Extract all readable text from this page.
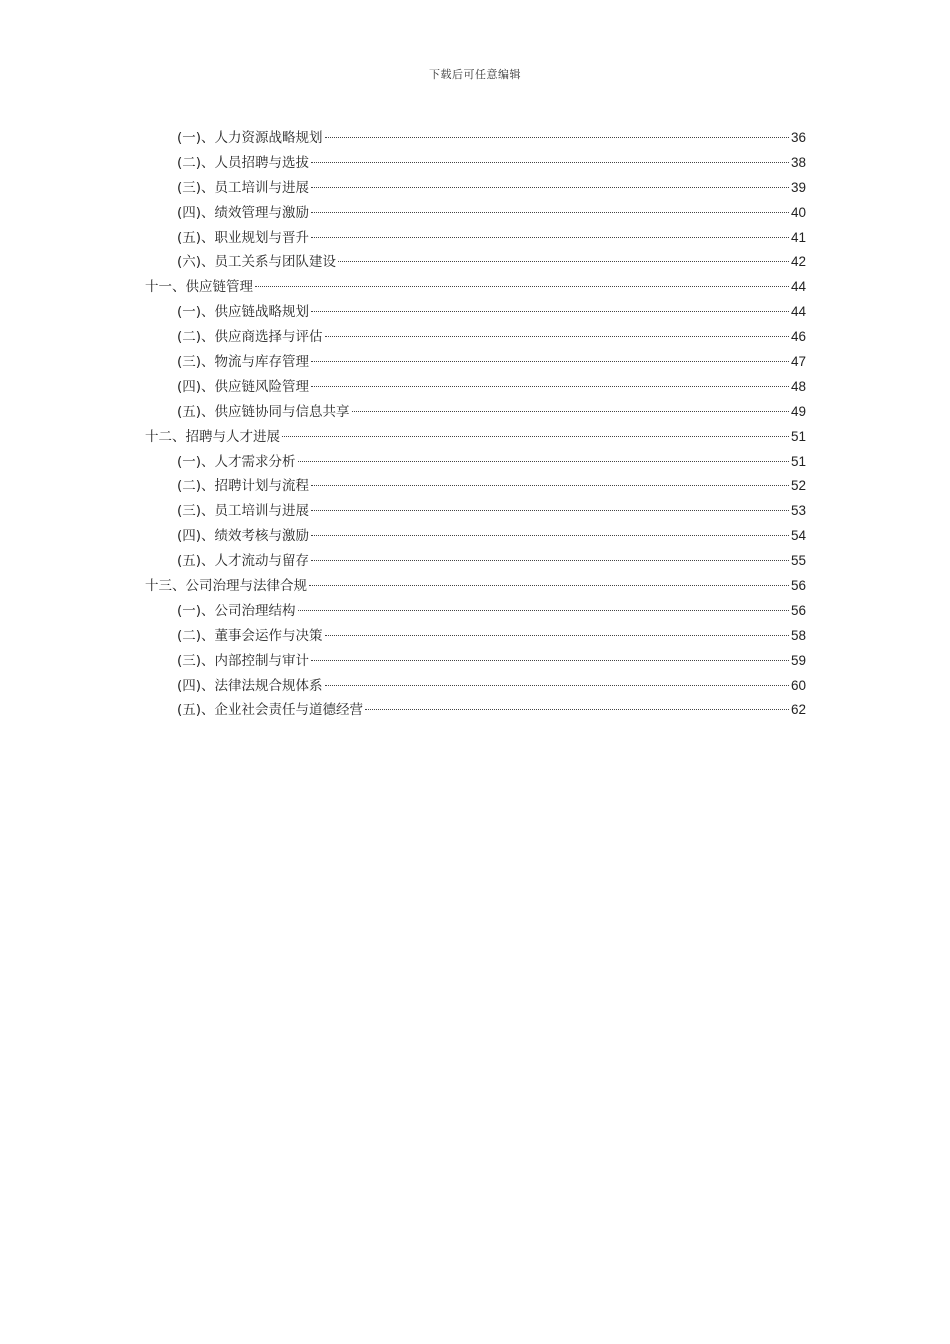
下载后可任意编辑
(一)、人力资源战略规划	36
(二)、人员招聘与选拔	38
(三)、员工培训与进展	39
(四)、绩效管理与激励	40
(五)、职业规划与晋升	41
(六)、员工关系与团队建设	42
十一、供应链管理	44
(一)、供应链战略规划	44
(二)、供应商选择与评估	46
(三)、物流与库存管理	47
(四)、供应链风险管理	48
(五)、供应链协同与信息共享	49
十二、招聘与人才进展	51
(一)、人才需求分析	51
(二)、招聘计划与流程	52
(三)、员工培训与进展	53
(四)、绩效考核与激励	54
(五)、人才流动与留存	55
十三、公司治理与法律合规	56
(一)、公司治理结构	56
(二)、董事会运作与决策	58
(三)、内部控制与审计	59
(四)、法律法规合规体系	60
(五)、企业社会责任与道德经营	62
